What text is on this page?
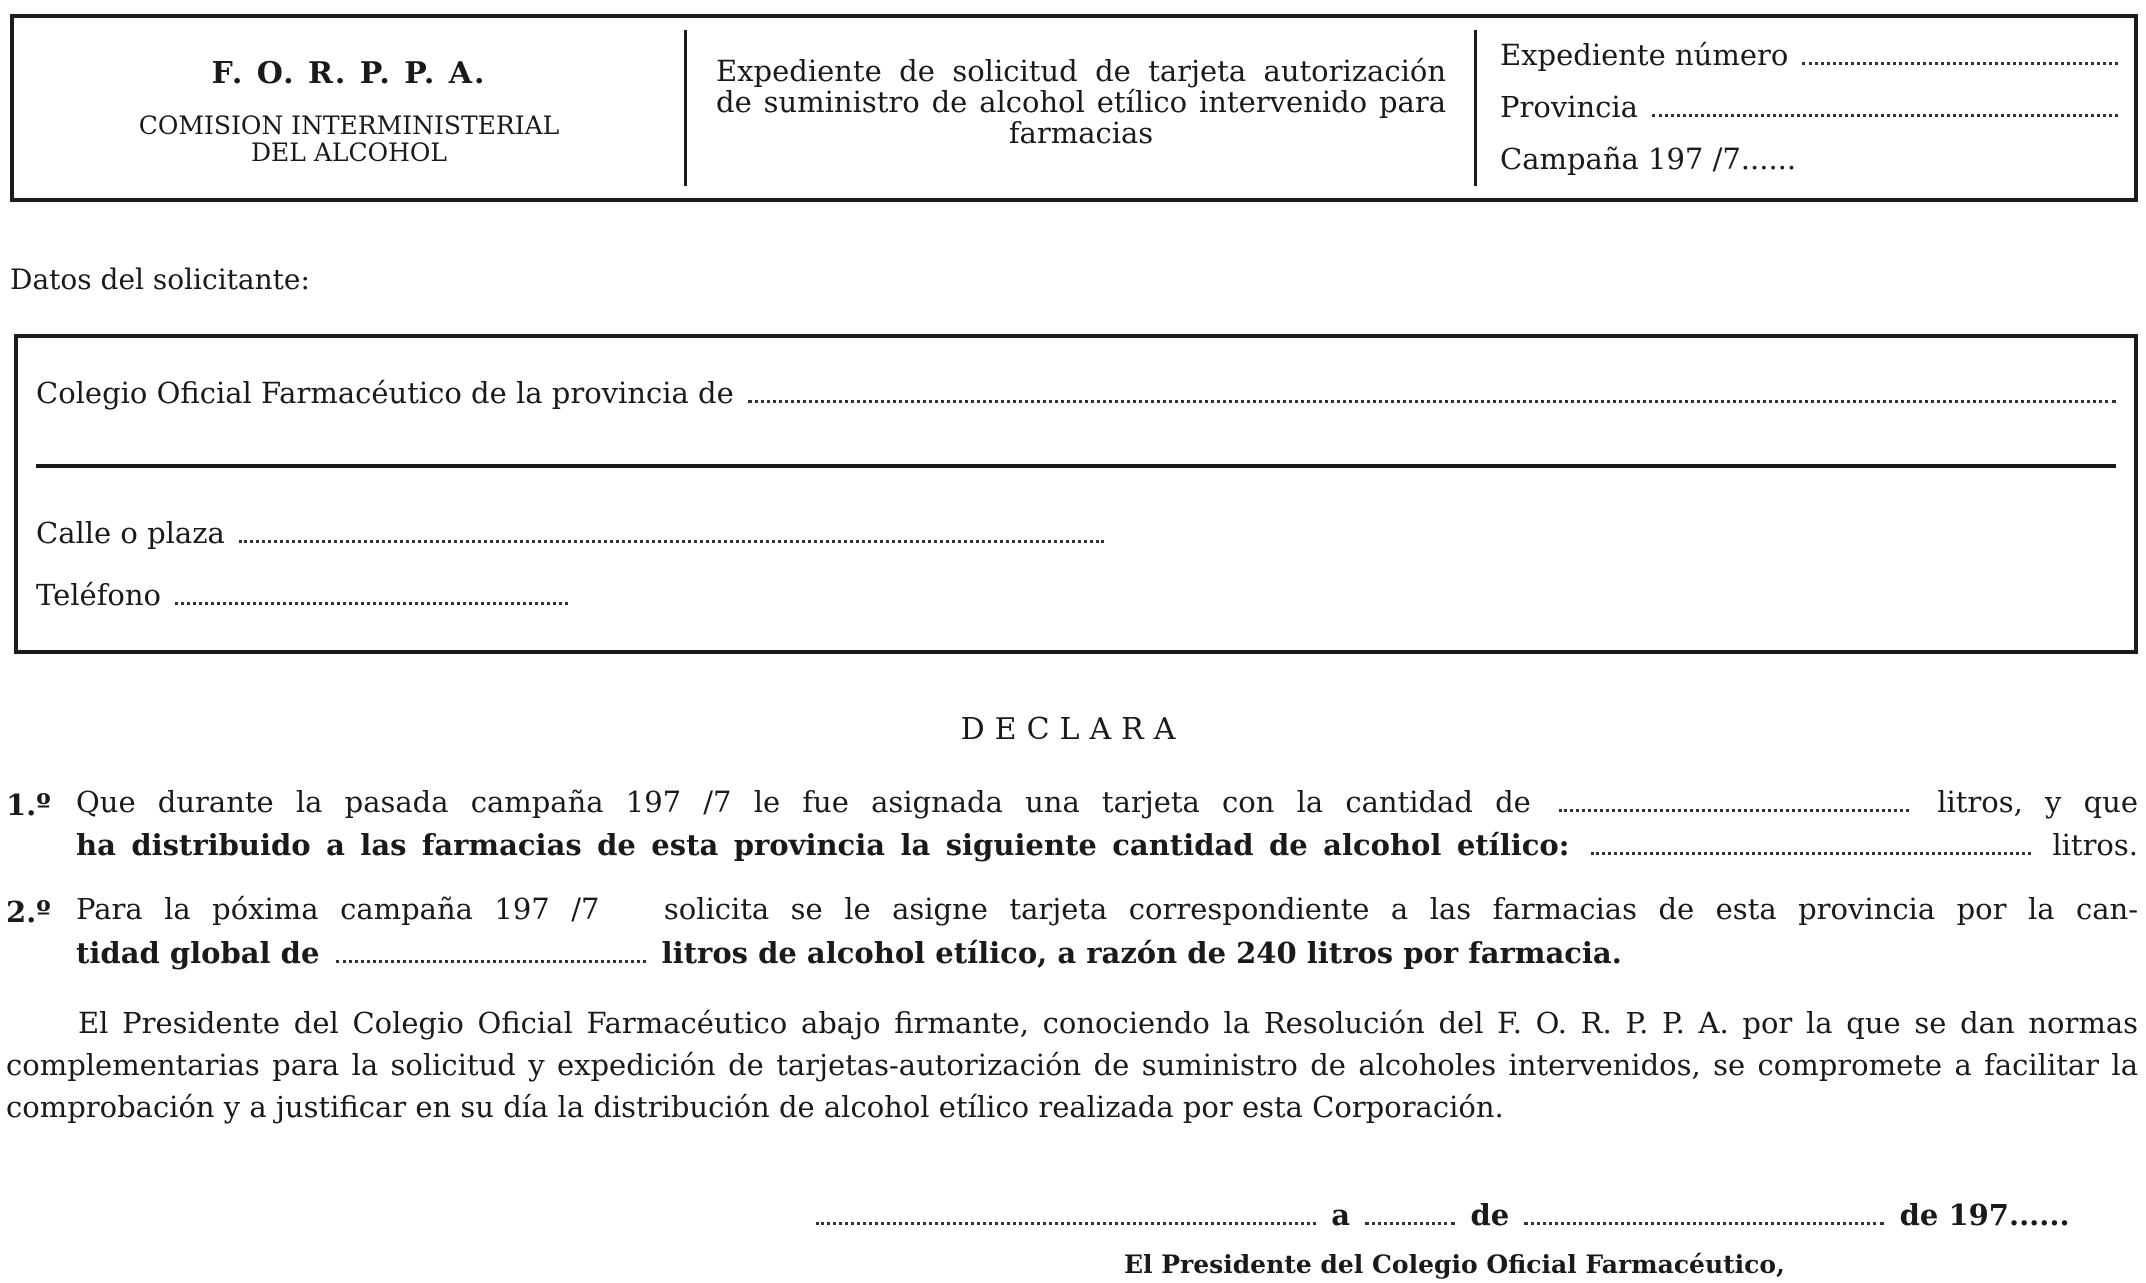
F. O. R. P. P. A.
COMISION INTERMINISTERIAL
DEL ALCOHOL
Expediente de solicitud de tarjeta autorización de suministro de alcohol etílico intervenido para farmacias
Expediente número
Provincia
Campaña 197 /7......
Datos del solicitante:
Colegio Oficial Farmacéutico de la provincia de
Calle o plaza
Teléfono
DECLARA
1.º Que durante la pasada campaña 197 /7 le fue asignada una tarjeta con la cantidad de	litros, y que
ha distribuido a las farmacias de esta provincia la siguiente cantidad de alcohol etílico:	litros.
2.º Para la póxima campaña 197 /7   solicita se le asigne tarjeta correspondiente a las farmacias de esta provincia por la can-
tidad global de	litros de alcohol etílico, a razón de 240 litros por farmacia.
El Presidente del Colegio Oficial Farmacéutico abajo firmante, conociendo la Resolución del F. O. R. P. P. A. por la que se dan normas complementarias para la solicitud y expedición de tarjetas-autorización de suministro de alcoholes intervenidos, se compromete a facilitar la comprobación y a justificar en su día la distribución de alcohol etílico realizada por esta Corporación.
a	de	de 197......
El Presidente del Colegio Oficial Farmacéutico,
